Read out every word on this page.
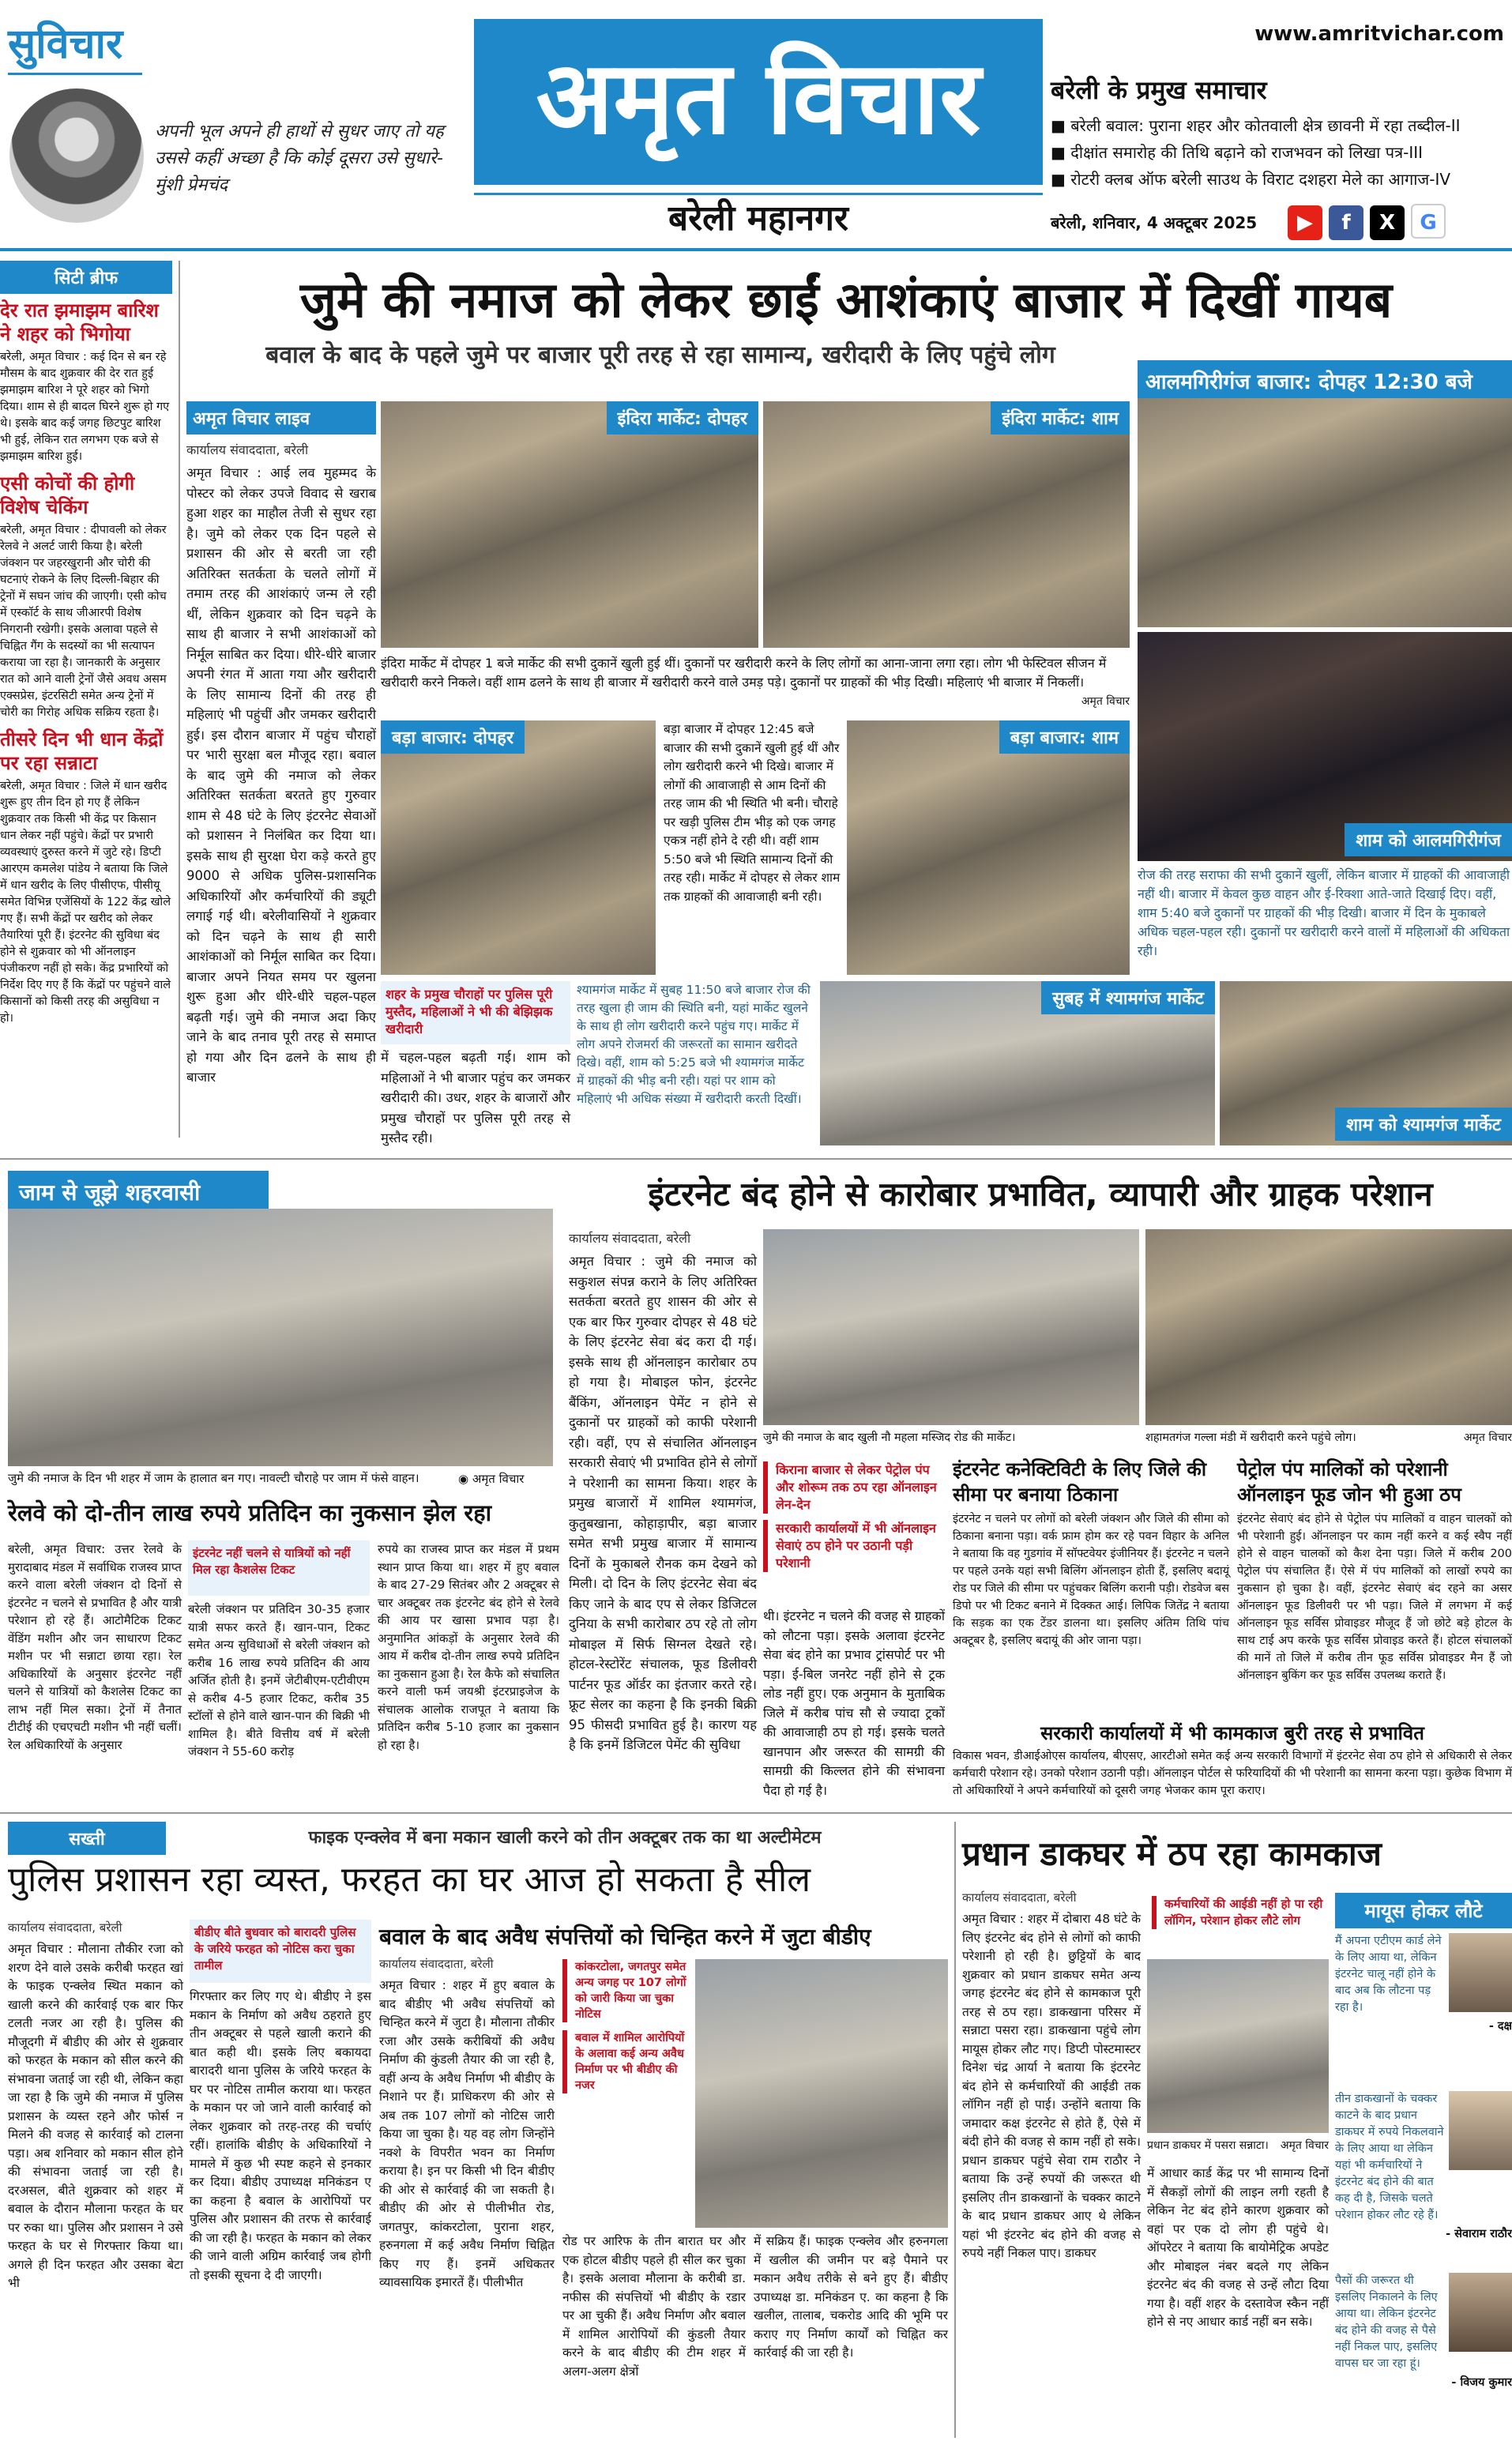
सुविचार
अपनी भूल अपने ही हाथों से सुधर जाए तो यह उससे कहीं अच्छा है कि कोई दूसरा उसे सुधारे- मुंशी प्रेमचंद
अमृत विचार
बरेली महानगर
www.amritvichar.com
बरेली के प्रमुख समाचार
■ बरेली बवाल: पुराना शहर और कोतवाली क्षेत्र छावनी में रहा तब्दील-II
■ दीक्षांत समारोह की तिथि बढ़ाने को राजभवन को लिखा पत्र-III
■ रोटरी क्लब ऑफ बरेली साउथ के विराट दशहरा मेले का आगाज-IV
बरेली, शनिवार, 4 अक्टूबर 2025	▶ f X G
सिटी ब्रीफ
देर रात झमाझम बारिश ने शहर को भिगोया
बरेली, अमृत विचार : कई दिन से बन रहे मौसम के बाद शुक्रवार की देर रात हुई झमाझम बारिश ने पूरे शहर को भिगो दिया। शाम से ही बादल घिरने शुरू हो गए थे। इसके बाद कई जगह छिटपुट बारिश भी हुई, लेकिन रात लगभग एक बजे से झमाझम बारिश हुई।
एसी कोचों की होगी विशेष चेकिंग
बरेली, अमृत विचार : दीपावली को लेकर रेलवे ने अलर्ट जारी किया है। बरेली जंक्शन पर जहरखुरानी और चोरी की घटनाएं रोकने के लिए दिल्ली-बिहार की ट्रेनों में सघन जांच की जाएगी। एसी कोच में एस्कॉर्ट के साथ जीआरपी विशेष निगरानी रखेगी। इसके अलावा पहले से चिह्नित गैंग के सदस्यों का भी सत्यापन कराया जा रहा है। जानकारी के अनुसार रात को आने वाली ट्रेनों जैसे अवध असम एक्सप्रेस, इंटरसिटी समेत अन्य ट्रेनों में चोरी का गिरोह अधिक सक्रिय रहता है।
तीसरे दिन भी धान केंद्रों पर रहा सन्नाटा
बरेली, अमृत विचार : जिले में धान खरीद शुरू हुए तीन दिन हो गए हैं लेकिन शुक्रवार तक किसी भी केंद्र पर किसान धान लेकर नहीं पहुंचे। केंद्रों पर प्रभारी व्यवस्थाएं दुरुस्त करने में जुटे रहे। डिप्टी आरएम कमलेश पांडेय ने बताया कि जिले में धान खरीद के लिए पीसीएफ, पीसीयू समेत विभिन्न एजेंसियों के 122 केंद्र खोले गए हैं। सभी केंद्रों पर खरीद को लेकर तैयारियां पूरी हैं। इंटरनेट की सुविधा बंद होने से शुक्रवार को भी ऑनलाइन पंजीकरण नहीं हो सके। केंद्र प्रभारियों को निर्देश दिए गए हैं कि केंद्रों पर पहुंचने वाले किसानों को किसी तरह की असुविधा न हो।
जुमे की नमाज को लेकर छाईं आशंकाएं बाजार में दिखीं गायब
बवाल के बाद के पहले जुमे पर बाजार पूरी तरह से रहा सामान्य, खरीदारी के लिए पहुंचे लोग
आलमगिरीगंज बाजार: दोपहर 12:30 बजे
अमृत विचार लाइव
कार्यालय संवाददाता, बरेली
अमृत विचार : आई लव मुहम्मद के पोस्टर को लेकर उपजे विवाद से खराब हुआ शहर का माहौल तेजी से सुधर रहा है। जुमे को लेकर एक दिन पहले से प्रशासन की ओर से बरती जा रही अतिरिक्त सतर्कता के चलते लोगों में तमाम तरह की आशंकाएं जन्म ले रही थीं, लेकिन शुक्रवार को दिन चढ़ने के साथ ही बाजार ने सभी आशंकाओं को निर्मूल साबित कर दिया। धीरे-धीरे बाजार अपनी रंगत में आता गया और खरीदारी के लिए सामान्य दिनों की तरह ही महिलाएं भी पहुंचीं और जमकर खरीदारी हुई। इस दौरान बाजार में पहुंच चौराहों पर भारी सुरक्षा बल मौजूद रहा। बवाल के बाद जुमे की नमाज को लेकर अतिरिक्त सतर्कता बरतते हुए गुरुवार शाम से 48 घंटे के लिए इंटरनेट सेवाओं को प्रशासन ने निलंबित कर दिया था। इसके साथ ही सुरक्षा घेरा कड़े करते हुए 9000 से अधिक पुलिस-प्रशासनिक अधिकारियों और कर्मचारियों की ड्यूटी लगाई गई थी। बरेलीवासियों ने शुक्रवार को दिन चढ़ने के साथ ही सारी आशंकाओं को निर्मूल साबित कर दिया। बाजार अपने नियत समय पर खुलना शुरू हुआ और धीरे-धीरे चहल-पहल बढ़ती गई। जुमे की नमाज अदा किए जाने के बाद तनाव पूरी तरह से समाप्त हो गया और दिन ढलने के साथ ही बाजार
इंदिरा मार्केट: दोपहर	इंदिरा मार्केट: शाम
इंदिरा मार्केट में दोपहर 1 बजे मार्केट की सभी दुकानें खुली हुई थीं। दुकानों पर खरीदारी करने के लिए लोगों का आना-जाना लगा रहा। लोग भी फेस्टिवल सीजन में खरीदारी करने निकले। वहीं शाम ढलने के साथ ही बाजार में खरीदारी करने वाले उमड़ पड़े। दुकानों पर ग्राहकों की भीड़ दिखी। महिलाएं भी बाजार में निकलीं।
बड़ा बाजार: दोपहर	बड़ा बाजार में दोपहर 12:45 बजे बाजार की सभी दुकानें खुली हुई थीं और लोग खरीदारी करने भी दिखे। बाजार में लोगों की आवाजाही से आम दिनों की तरह जाम की भी स्थिति भी बनी। चौराहे पर खड़ी पुलिस टीम भीड़ को एक जगह एकत्र नहीं होने दे रही थी। वहीं शाम 5:50 बजे भी स्थिति सामान्य दिनों की तरह रही। मार्केट में दोपहर से लेकर शाम तक ग्राहकों की आवाजाही बनी रही।
बड़ा बाजार: शाम
शाम को आलमगिरीगंज
रोज की तरह सराफा की सभी दुकानें खुलीं, लेकिन बाजार में ग्राहकों की आवाजाही नहीं थी। बाजार में केवल कुछ वाहन और ई-रिक्शा आते-जाते दिखाई दिए। वहीं, शाम 5:40 बजे दुकानों पर ग्राहकों की भीड़ दिखी। बाजार में दिन के मुकाबले अधिक चहल-पहल रही। दुकानों पर खरीदारी करने वालों में महिलाओं की अधिकता रही।
शहर के प्रमुख चौराहों पर पुलिस पूरी मुस्तैद, महिलाओं ने भी की बेझिझक खरीदारी
में चहल-पहल बढ़ती गई। शाम को महिलाओं ने भी बाजार पहुंच कर जमकर खरीदारी की। उधर, शहर के बाजारों और प्रमुख चौराहों पर पुलिस पूरी तरह से मुस्तैद रही।
श्यामगंज मार्केट में सुबह 11:50 बजे बाजार रोज की तरह खुला ही जाम की स्थिति बनी, यहां मार्केट खुलने के साथ ही लोग खरीदारी करने पहुंच गए। मार्केट में लोग अपने रोजमर्रा की जरूरतों का सामान खरीदते दिखे। वहीं, शाम को 5:25 बजे भी श्यामगंज मार्केट में ग्राहकों की भीड़ बनी रही। यहां पर शाम को महिलाएं भी अधिक संख्या में खरीदारी करती दिखीं।
सुबह में श्यामगंज मार्केट
शाम को श्यामगंज मार्केट
जाम से जूझे शहरवासी
जुमे की नमाज के दिन भी शहर में जाम के हालात बन गए। नावल्टी चौराहे पर जाम में फंसे वाहन।	◉ अमृत विचार
इंटरनेट बंद होने से कारोबार प्रभावित, व्यापारी और ग्राहक परेशान
कार्यालय संवाददाता, बरेली
अमृत विचार : जुमे की नमाज को सकुशल संपन्न कराने के लिए अतिरिक्त सतर्कता बरतते हुए शासन की ओर से एक बार फिर गुरुवार दोपहर से 48 घंटे के लिए इंटरनेट सेवा बंद करा दी गई। इसके साथ ही ऑनलाइन कारोबार ठप हो गया है। मोबाइल फोन, इंटरनेट बैंकिंग, ऑनलाइन पेमेंट न होने से दुकानों पर ग्राहकों को काफी परेशानी रही। वहीं, एप से संचालित ऑनलाइन सरकारी सेवाएं भी प्रभावित होने से लोगों ने परेशानी का सामना किया। शहर के प्रमुख बाजारों में शामिल श्यामगंज, कुतुबखाना, कोहाड़ापीर, बड़ा बाजार समेत सभी प्रमुख बाजार में सामान्य दिनों के मुकाबले रौनक कम देखने को मिली। दो दिन के लिए इंटरनेट सेवा बंद किए जाने के बाद एप से लेकर डिजिटल दुनिया के सभी कारोबार ठप रहे तो लोग मोबाइल में सिर्फ सिग्नल देखते रहे। होटल-रेस्टोरेंट संचालक, फूड डिलीवरी पार्टनर फूड ऑर्डर का इंतजार करते रहे। फ्रूट सेलर का कहना है कि इनकी बिक्री 95 फीसदी प्रभावित हुई है। कारण यह है कि इनमें डिजिटल पेमेंट की सुविधा
जुमे की नमाज के बाद खुली नौ महला मस्जिद रोड की मार्केट।	शहामतगंज गल्ला मंडी में खरीदारी करने पहुंचे लोग।
किराना बाजार से लेकर पेट्रोल पंप और शोरूम तक ठप रहा ऑनलाइन लेन-देन
सरकारी कार्यालयों में भी ऑनलाइन सेवाएं ठप होने पर उठानी पड़ी परेशानी
थी। इंटरनेट न चलने की वजह से ग्राहकों को लौटना पड़ा। इसके अलावा इंटरनेट सेवा बंद होने का प्रभाव ट्रांसपोर्ट पर भी पड़ा। ई-बिल जनरेट नहीं होने से ट्रक लोड नहीं हुए। एक अनुमान के मुताबिक जिले में करीब पांच सौ से ज्यादा ट्रकों की आवाजाही ठप हो गई। इसके चलते खानपान और जरूरत की सामग्री की सामग्री की किल्लत होने की संभावना पैदा हो गई है।
इंटरनेट कनेक्टिविटी के लिए जिले की सीमा पर बनाया ठिकाना
इंटरनेट न चलने पर लोगों को बरेली जंक्शन और जिले की सीमा को ठिकाना बनाना पड़ा। वर्क फ्राम होम कर रहे पवन विहार के अनिल ने बताया कि वह गुडगांव में सॉफ्टवेयर इंजीनियर हैं। इंटरनेट न चलने पर पहले उनके यहां सभी बिलिंग ऑनलाइन होती हैं, इसलिए बदायूं रोड पर जिले की सीमा पर पहुंचकर बिलिंग करानी पड़ी। रोडवेज बस डिपो पर भी टिकट बनाने में दिक्कत आई। लिपिक जितेंद्र ने बताया कि सड़क का एक टेंडर डालना था। इसलिए अंतिम तिथि पांच अक्टूबर है, इसलिए बदायूं की ओर जाना पड़ा।
पेट्रोल पंप मालिकों को परेशानी ऑनलाइन फूड जोन भी हुआ ठप
इंटरनेट सेवाएं बंद होने से पेट्रोल पंप मालिकों व वाहन चालकों को भी परेशानी हुई। ऑनलाइन पर काम नहीं करने व कई स्वैप नहीं होने से वाहन चालकों को कैश देना पड़ा। जिले में करीब 200 पेट्रोल पंप संचालित हैं। ऐसे में पंप मालिकों को लाखों रुपये का नुकसान हो चुका है। वहीं, इंटरनेट सेवाएं बंद रहने का असर ऑनलाइन फूड डिलीवरी पर भी पड़ा। जिले में लगभग में कई ऑनलाइन फूड सर्विस प्रोवाइडर मौजूद हैं जो छोटे बड़े होटल के साथ टाई अप करके फूड सर्विस प्रोवाइड करते हैं। होटल संचालकों की मानें तो जिले में करीब तीन फूड सर्विस प्रोवाइडर मैन हैं जो ऑनलाइन बुकिंग कर फूड सर्विस उपलब्ध कराते हैं।
सरकारी कार्यालयों में भी कामकाज बुरी तरह से प्रभावित
विकास भवन, डीआईओएस कार्यालय, बीएसए, आरटीओ समेत कई अन्य सरकारी विभागों में इंटरनेट सेवा ठप होने से अधिकारी से लेकर कर्मचारी परेशान रहे। उनको परेशान उठानी पड़ी। ऑनलाइन पोर्टल से फरियादियों की भी परेशानी का सामना करना पड़ा। कुछेक विभाग में तो अधिकारियों ने अपने कर्मचारियों को दूसरी जगह भेजकर काम पूरा कराए।
रेलवे को दो-तीन लाख रुपये प्रतिदिन का नुकसान झेल रहा
बरेली, अमृत विचार: उत्तर रेलवे के मुरादाबाद मंडल में सर्वाधिक राजस्व प्राप्त करने वाला बरेली जंक्शन दो दिनों से इंटरनेट न चलने से प्रभावित है और यात्री परेशान हो रहे हैं। आटोमैटिक टिकट वेंडिंग मशीन और जन साधारण टिकट मशीन पर भी सन्नाटा छाया रहा। रेल अधिकारियों के अनुसार इंटरनेट नहीं चलने से यात्रियों को कैशलेस टिकट का लाभ नहीं मिल सका। ट्रेनों में तैनात टीटीई की एचएचटी मशीन भी नहीं चलीं। रेल अधिकारियों के अनुसार
इंटरनेट नहीं चलने से यात्रियों को नहीं मिल रहा कैशलेस टिकट
बरेली जंक्शन पर प्रतिदिन 30-35 हजार यात्री सफर करते हैं। खान-पान, टिकट समेत अन्य सुविधाओं से बरेली जंक्शन को करीब 16 लाख रुपये प्रतिदिन की आय अर्जित होती है। इनमें जेटीबीएम-एटीवीएम से करीब 4-5 हजार टिकट, करीब 35 स्टॉलों से होने वाले खान-पान की बिक्री भी शामिल है। बीते वित्तीय वर्ष में बरेली जंक्शन ने 55-60 करोड़
रुपये का राजस्व प्राप्त कर मंडल में प्रथम स्थान प्राप्त किया था। शहर में हुए बवाल के बाद 27-29 सितंबर और 2 अक्टूबर से चार अक्टूबर तक इंटरनेट बंद होने से रेलवे की आय पर खासा प्रभाव पड़ा है। अनुमानित आंकड़ों के अनुसार रेलवे की आय में करीब दो-तीन लाख रुपये प्रतिदिन का नुकसान हुआ है। रेल कैफे को संचालित करने वाली फर्म जयश्री इंटरप्राइजेज के संचालक आलोक राजपूत ने बताया कि प्रतिदिन करीब 5-10 हजार का नुकसान हो रहा है।
सख्ती	फाइक एन्क्लेव में बना मकान खाली करने को तीन अक्टूबर तक का था अल्टीमेटम
पुलिस प्रशासन रहा व्यस्त, फरहत का घर आज हो सकता है सील
कार्यालय संवाददाता, बरेली
अमृत विचार : मौलाना तौकीर रजा को शरण देने वाले उसके करीबी फरहत खां के फाइक एन्क्लेव स्थित मकान को खाली करने की कार्रवाई एक बार फिर टलती नजर आ रही है। पुलिस की मौजूदगी में बीडीए की ओर से शुक्रवार को फरहत के मकान को सील करने की संभावना जताई जा रही थी, लेकिन कहा जा रहा है कि जुमे की नमाज में पुलिस प्रशासन के व्यस्त रहने और फोर्स न मिलने की वजह से कार्रवाई को टालना पड़ा। अब शनिवार को मकान सील होने की संभावना जताई जा रही है। दरअसल, बीते शुक्रवार को शहर में बवाल के दौरान मौलाना फरहत के घर पर रुका था। पुलिस और प्रशासन ने उसे फरहत के घर से गिरफ्तार किया था। अगले ही दिन फरहत और उसका बेटा भी
बीडीए बीते बुधवार को बारादरी पुलिस के जरिये फरहत को नोटिस करा चुका तामील
गिरफ्तार कर लिए गए थे। बीडीए ने इस मकान के निर्माण को अवैध ठहराते हुए तीन अक्टूबर से पहले खाली कराने की बात कही थी। इसके लिए बकायदा बारादरी थाना पुलिस के जरिये फरहत के घर पर नोटिस तामील कराया था। फरहत के मकान पर जो जाने वाली कार्रवाई को लेकर शुक्रवार को तरह-तरह की चर्चाएं रहीं। हालांकि बीडीए के अधिकारियों ने मामले में कुछ भी स्पष्ट कहने से इनकार कर दिया। बीडीए उपाध्यक्ष मनिकंडन ए का कहना है बवाल के आरोपियों पर पुलिस और प्रशासन की तरफ से कार्रवाई की जा रही है। फरहत के मकान को लेकर की जाने वाली अग्रिम कार्रवाई जब होगी तो इसकी सूचना दे दी जाएगी।
बवाल के बाद अवैध संपत्तियों को चिन्हित करने में जुटा बीडीए
कार्यालय संवाददाता, बरेली
अमृत विचार : शहर में हुए बवाल के बाद बीडीए भी अवैध संपत्तियों को चिन्हित करने में जुटा है। मौलाना तौकीर रजा और उसके करीबियों की अवैध निर्माण की कुंडली तैयार की जा रही है, वहीं अन्य के अवैध निर्माण भी बीडीए के निशाने पर हैं। प्राधिकरण की ओर से अब तक 107 लोगों को नोटिस जारी किया जा चुका है। यह वह लोग जिन्होंने नक्शे के विपरीत भवन का निर्माण कराया है। इन पर किसी भी दिन बीडीए की ओर से कार्रवाई की जा सकती है। बीडीए की ओर से पीलीभीत रोड, जगतपुर, कांकरटोला, पुराना शहर, हरुनगला में कई अवैध निर्माण चिह्नित किए गए हैं। इनमें अधिकतर व्यावसायिक इमारतें हैं। पीलीभीत
कांकरटोला, जगतपुर समेत अन्य जगह पर 107 लोगों को जारी किया जा चुका नोटिस
बवाल में शामिल आरोपियों के अलावा कई अन्य अवैध निर्माण पर भी बीडीए की नजर
रोड पर आरिफ के तीन बारात घर और एक होटल बीडीए पहले ही सील कर चुका है। इसके अलावा मौलाना के करीबी डा. नफीस की संपत्तियों भी बीडीए के रडार पर आ चुकी हैं। अवैध निर्माण और बवाल में शामिल आरोपियों की कुंडली तैयार करने के बाद बीडीए की टीम शहर में अलग-अलग क्षेत्रों
में सक्रिय हैं। फाइक एन्क्लेव और हरुनगला में खलील की जमीन पर बड़े पैमाने पर मकान अवैध तरीके से बने हुए हैं। बीडीए उपाध्यक्ष डा. मनिकंडन ए. का कहना है कि खलील, तालाब, चकरोड आदि की भूमि पर कराए गए निर्माण कार्यों को चिह्नित कर कार्रवाई की जा रही है।
प्रधान डाकघर में ठप रहा कामकाज
कार्यालय संवाददाता, बरेली
अमृत विचार : शहर में दोबारा 48 घंटे के लिए इंटरनेट बंद होने से लोगों को काफी परेशानी हो रही है। छुट्टियों के बाद शुक्रवार को प्रधान डाकघर समेत अन्य जगह इंटरनेट बंद होने से कामकाज पूरी तरह से ठप रहा। डाकखाना परिसर में सन्नाटा पसरा रहा। डाकखाना पहुंचे लोग मायूस होकर लौट गए। डिप्टी पोस्टमास्टर दिनेश चंद्र आर्या ने बताया कि इंटरनेट बंद होने से कर्मचारियों की आईडी तक लॉगिन नहीं हो पाई। उन्होंने बताया कि जमादार कक्ष इंटरनेट से होते हैं, ऐसे में बंदी होने की वजह से काम नहीं हो सके। प्रधान डाकघर पहुंचे सेवा राम राठौर ने बताया कि उन्हें रुपयों की जरूरत थी इसलिए तीन डाकखानों के चक्कर काटने के बाद प्रधान डाकघर आए थे लेकिन यहां भी इंटरनेट बंद होने की वजह से रुपये नहीं निकल पाए। डाकघर
कर्मचारियों की आईडी नहीं हो पा रही लॉगिन, परेशान होकर लौटे लोग
प्रधान डाकघर में पसरा सन्नाटा।
में आधार कार्ड केंद्र पर भी सामान्य दिनों में सैकड़ों लोगों की लाइन लगी रहती है लेकिन नेट बंद होने कारण शुक्रवार को वहां पर एक दो लोग ही पहुंचे थे। ऑपरेटर ने बताया कि बायोमेट्रिक अपडेट और मोबाइल नंबर बदले गए लेकिन इंटरनेट बंद की वजह से उन्हें लौटा दिया गया है। वहीं शहर के दस्तावेज स्कैन नहीं होने से नए आधार कार्ड नहीं बन सके।
मायूस होकर लौटे
मैं अपना एटीएम कार्ड लेने के लिए आया था, लेकिन इंटरनेट चालू नहीं होने के बाद अब कि लौटना पड़ रहा है।
- दक्ष
तीन डाकखानों के चक्कर काटने के बाद प्रधान डाकघर में रुपये निकलवाने के लिए आया था लेकिन यहां भी कर्मचारियों ने इंटरनेट बंद होने की बात कह दी है, जिसके चलते परेशान होकर लौट रहे हैं।
- सेवाराम राठौर
पैसों की जरूरत थी इसलिए निकालने के लिए आया था। लेकिन इंटरनेट बंद होने की वजह से पैसे नहीं निकल पाए, इसलिए वापस घर जा रहा हूं।
- विजय कुमार
अमृत विचार
अमृत विचार
अमृत विचार
